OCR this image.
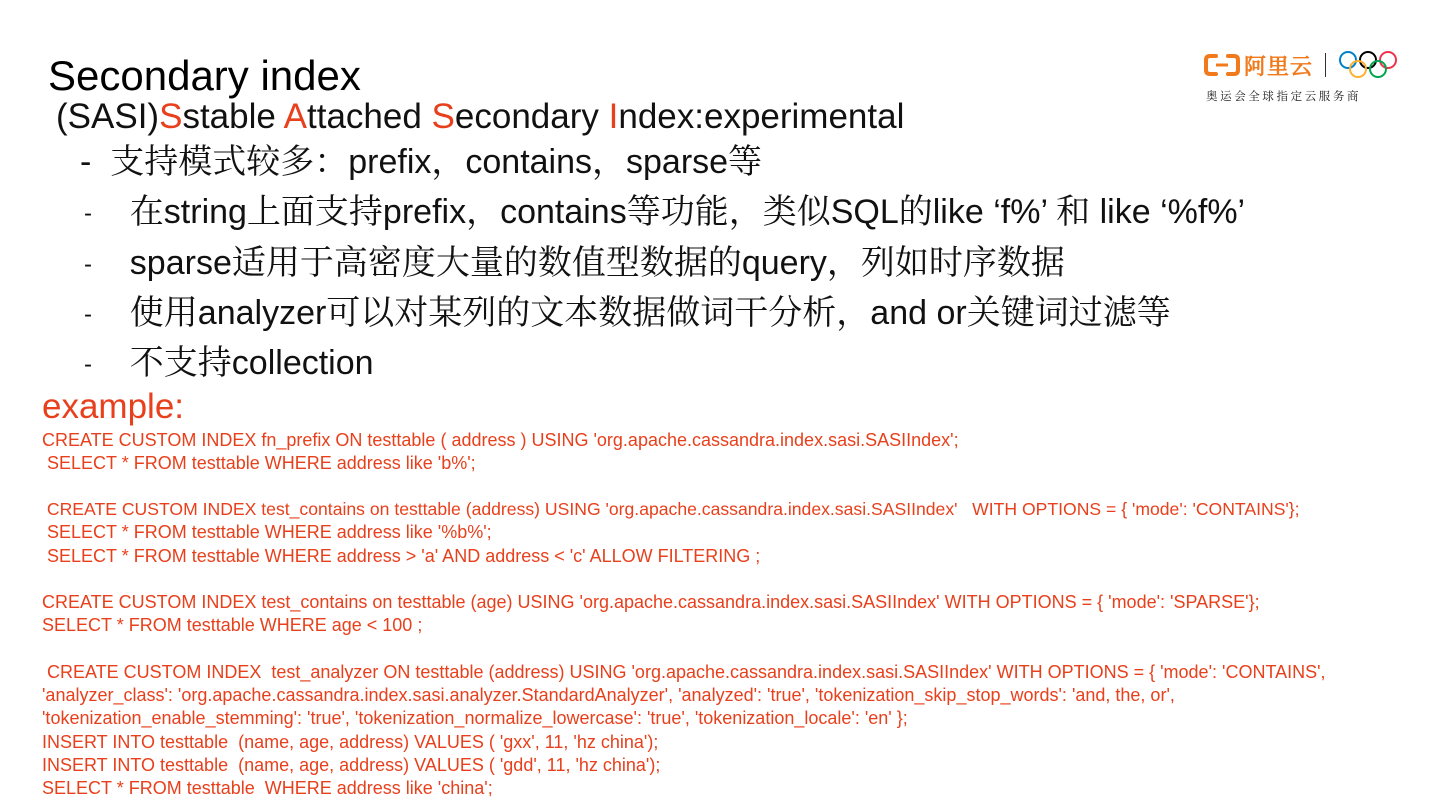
Secondary index
(SASI)Sstable Attached Secondary Index:experimental
- 支持模式较多：prefix，contains，sparse等
- 在string上面支持prefix，contains等功能，类似SQL的like ‘f%’ 和 like ‘%f%’
- sparse适用于高密度大量的数值型数据的query，列如时序数据
- 使用analyzer可以对某列的文本数据做词干分析，and or关键词过滤等
- 不支持collection
example:
CREATE CUSTOM INDEX fn_prefix ON testtable ( address ) USING 'org.apache.cassandra.index.sasi.SASIIndex';
SELECT * FROM testtable WHERE address like 'b%';
CREATE CUSTOM INDEX test_contains on testtable (address) USING 'org.apache.cassandra.index.sasi.SASIIndex'   WITH OPTIONS = { 'mode': 'CONTAINS'};
SELECT * FROM testtable WHERE address like '%b%';
SELECT * FROM testtable WHERE address > 'a' AND address < 'c' ALLOW FILTERING ;
CREATE CUSTOM INDEX test_contains on testtable (age) USING 'org.apache.cassandra.index.sasi.SASIIndex' WITH OPTIONS = { 'mode': 'SPARSE'};
SELECT * FROM testtable WHERE age < 100 ;
CREATE CUSTOM INDEX  test_analyzer ON testtable (address) USING 'org.apache.cassandra.index.sasi.SASIIndex' WITH OPTIONS = { 'mode': 'CONTAINS',
'analyzer_class': 'org.apache.cassandra.index.sasi.analyzer.StandardAnalyzer', 'analyzed': 'true', 'tokenization_skip_stop_words': 'and, the, or',
'tokenization_enable_stemming': 'true', 'tokenization_normalize_lowercase': 'true', 'tokenization_locale': 'en' };
INSERT INTO testtable  (name, age, address) VALUES ( 'gxx', 11, 'hz china');
INSERT INTO testtable  (name, age, address) VALUES ( 'gdd', 11, 'hz china');
SELECT * FROM testtable  WHERE address like 'china';
阿里云
奥运会全球指定云服务商
